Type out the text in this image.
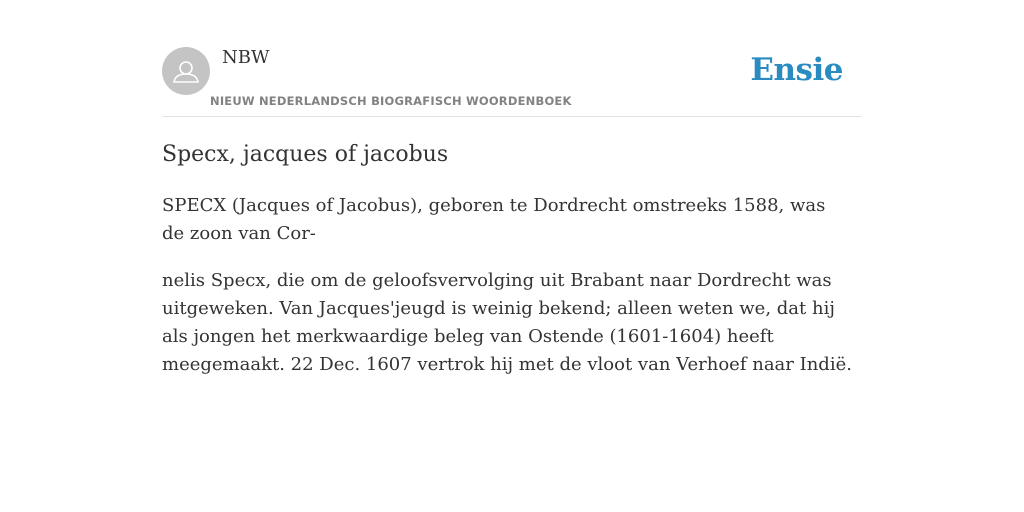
NBW
NIEUW NEDERLANDSCH BIOGRAFISCH WOORDENBOEK
Ensie
Specx, jacques of jacobus

SPECX (Jacques of Jacobus), geboren te Dordrecht omstreeks 1588, was de zoon van Cor-

nelis Specx, die om de geloofsvervolging uit Brabant naar Dordrecht was uitgeweken. Van Jacques'jeugd is weinig bekend; alleen weten we, dat hij als jongen het merkwaardige beleg van Ostende (1601-1604) heeft meegemaakt. 22 Dec. 1607 vertrok hij met de vloot van Verhoef naar Indië.
